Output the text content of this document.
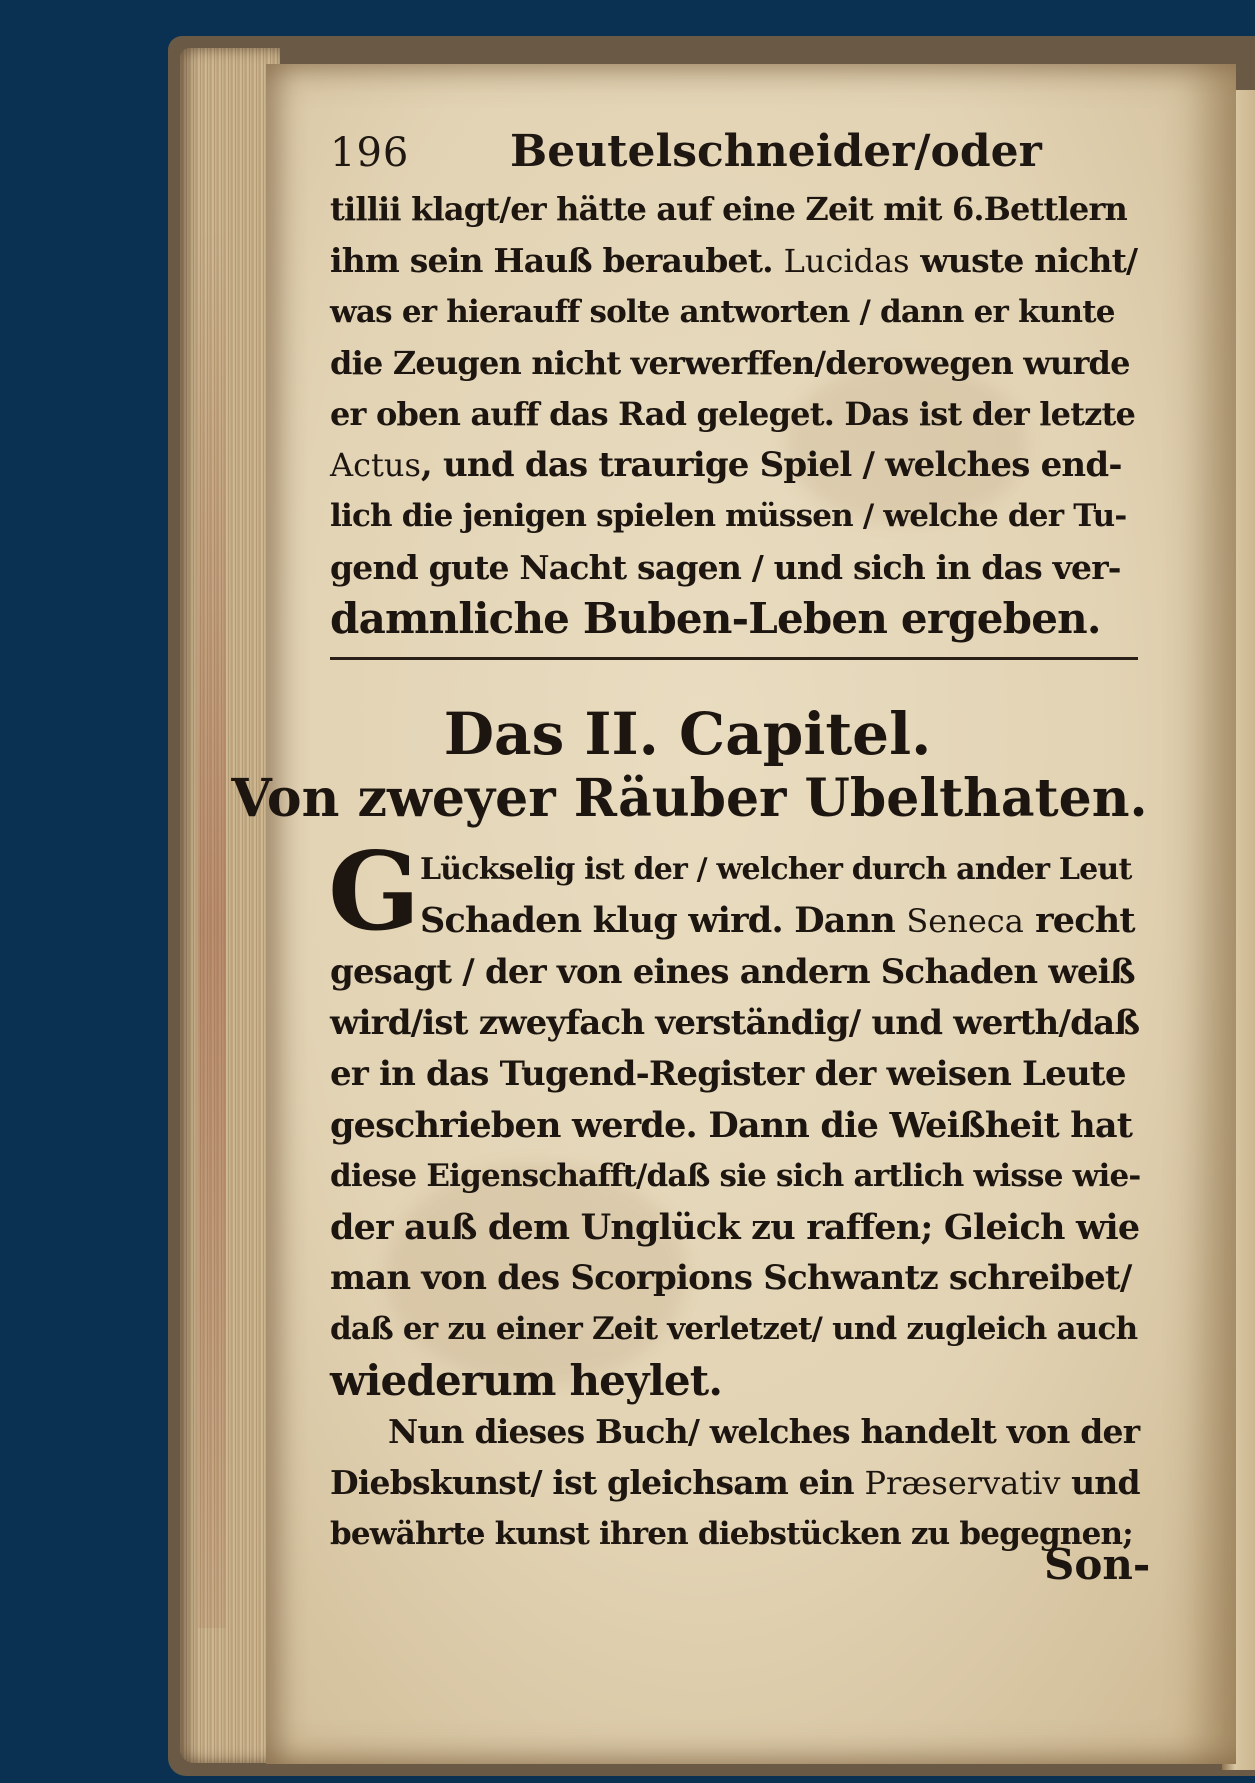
196 Beutelschneider/oder
tillii klagt/er hätte auf eine Zeit mit 6.Bettlern
ihm sein Hauß beraubet. Lucidas wuste nicht/
was er hierauff solte antworten / dann er kunte
die Zeugen nicht verwerffen/derowegen wurde
er oben auff das Rad geleget. Das ist der letzte
Actus, und das traurige Spiel / welches end-
lich die jenigen spielen müssen / welche der Tu-
gend gute Nacht sagen / und sich in das ver-
damnliche Buben-Leben ergeben.
Das II. Capitel.
Von zweyer Räuber Ubelthaten.
G Lückselig ist der / welcher durch ander Leut
Schaden klug wird. Dann Seneca recht
gesagt / der von eines andern Schaden weiß
wird/ist zweyfach verständig/ und werth/daß
er in das Tugend-Register der weisen Leute
geschrieben werde. Dann die Weißheit hat
diese Eigenschafft/daß sie sich artlich wisse wie-
der auß dem Unglück zu raffen; Gleich wie
man von des Scorpions Schwantz schreibet/
daß er zu einer Zeit verletzet/ und zugleich auch
wiederum heylet.
Nun dieses Buch/ welches handelt von der
Diebskunst/ ist gleichsam ein Præservativ und
bewährte kunst ihren diebstücken zu begegnen;
Son-
